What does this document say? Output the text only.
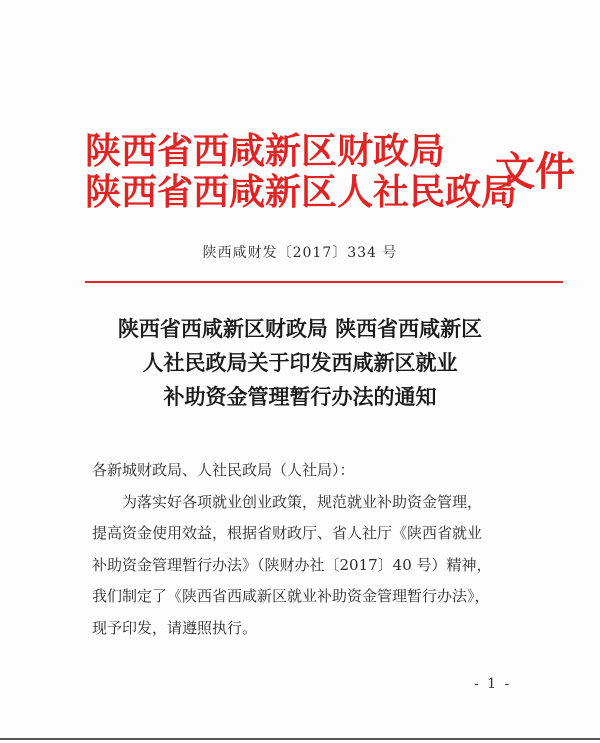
陕西省西咸新区财政局
陕西省西咸新区人社民政局
文件
陕西咸财发〔2017〕334 号
陕西省西咸新区财政局 陕西省西咸新区
人社民政局关于印发西咸新区就业
补助资金管理暂行办法的通知
各新城财政局、人社民政局（人社局）：
为落实好各项就业创业政策，规范就业补助资金管理，
提高资金使用效益，根据省财政厅、省人社厅《陕西省就业
补助资金管理暂行办法》（陕财办社〔2017〕40 号）精神，
我们制定了《陕西省西咸新区就业补助资金管理暂行办法》，
现予印发，请遵照执行。
- 1 -
